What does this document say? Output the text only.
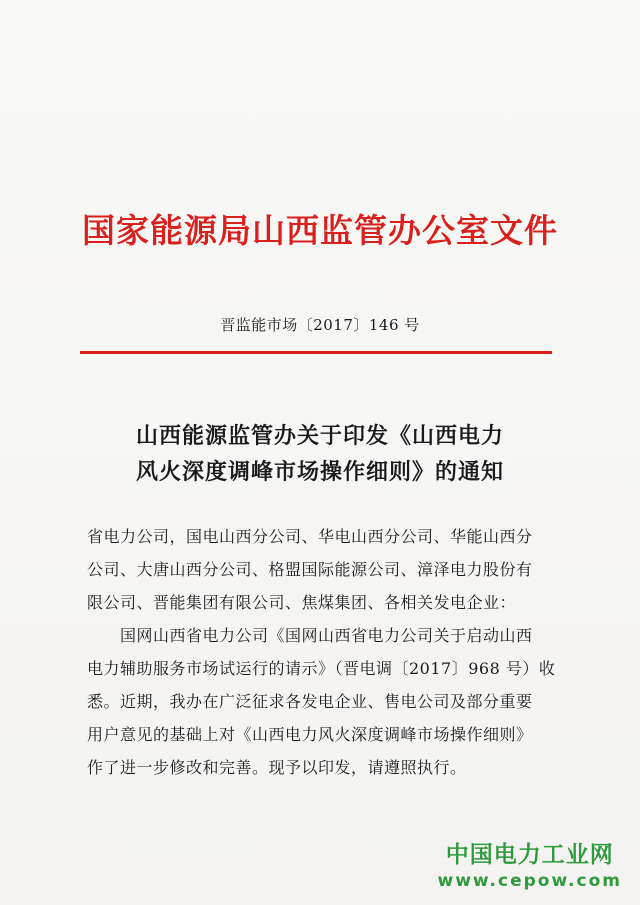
国家能源局山西监管办公室文件
晋监能市场〔2017〕146 号
山西能源监管办关于印发《山西电力
风火深度调峰市场操作细则》的通知
省电力公司，国电山西分公司、华电山西分公司、华能山西分
公司、大唐山西分公司、格盟国际能源公司、漳泽电力股份有
限公司、晋能集团有限公司、焦煤集团、各相关发电企业：
　　国网山西省电力公司《国网山西省电力公司关于启动山西
电力辅助服务市场试运行的请示》（晋电调〔2017〕968 号）收
悉。近期，我办在广泛征求各发电企业、售电公司及部分重要
用户意见的基础上对《山西电力风火深度调峰市场操作细则》
作了进一步修改和完善。现予以印发，请遵照执行。
中国电力工业网
www.cepow.com
